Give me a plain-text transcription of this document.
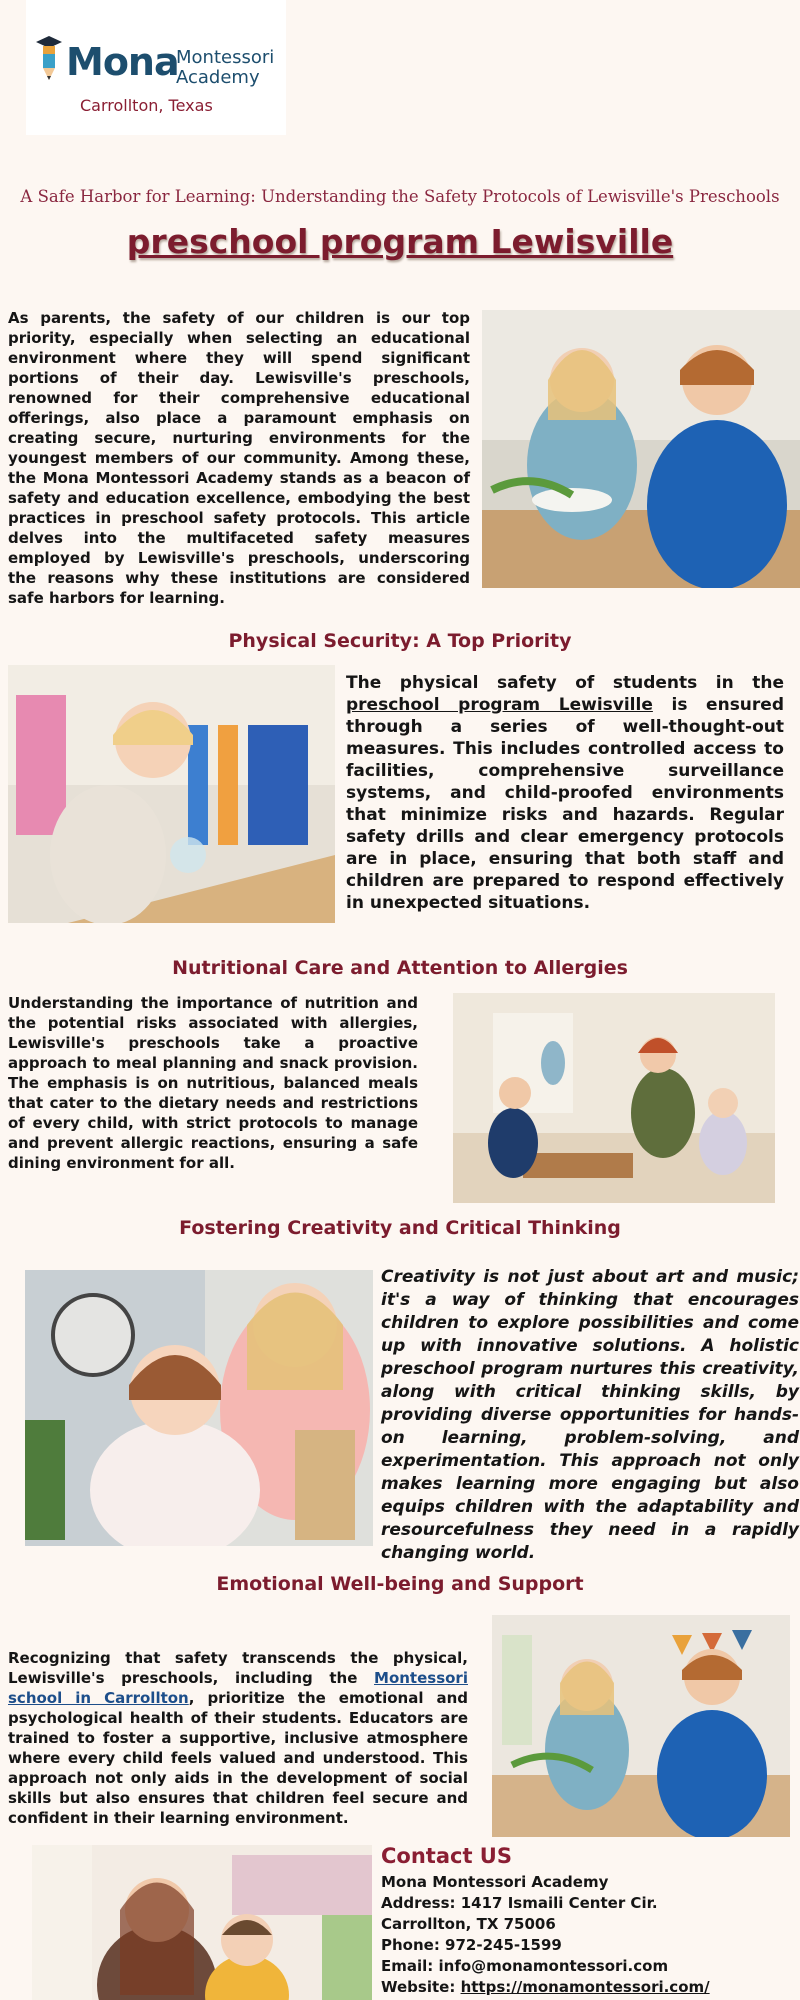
Mona
Montessori
Academy
Carrollton, Texas
A Safe Harbor for Learning: Understanding the Safety Protocols of Lewisville's Preschools
preschool program Lewisville
As parents, the safety of our children is our top priority, especially when selecting an educational environment where they will spend significant portions of their day. Lewisville's preschools, renowned for their comprehensive educational offerings, also place a paramount emphasis on creating secure, nurturing environments for the youngest members of our community. Among these, the Mona Montessori Academy stands as a beacon of safety and education excellence, embodying the best practices in preschool safety protocols. This article delves into the multifaceted safety measures employed by Lewisville's preschools, underscoring the reasons why these institutions are considered safe harbors for learning.
Physical Security: A Top Priority
The physical safety of students in the preschool program Lewisville is ensured through a series of well-thought-out measures. This includes controlled access to facilities, comprehensive surveillance systems, and child-proofed environments that minimize risks and hazards. Regular safety drills and clear emergency protocols are in place, ensuring that both staff and children are prepared to respond effectively in unexpected situations.
Nutritional Care and Attention to Allergies
Understanding the importance of nutrition and the potential risks associated with allergies, Lewisville's preschools take a proactive approach to meal planning and snack provision. The emphasis is on nutritious, balanced meals that cater to the dietary needs and restrictions of every child, with strict protocols to manage and prevent allergic reactions, ensuring a safe dining environment for all.
Fostering Creativity and Critical Thinking
Creativity is not just about art and music; it's a way of thinking that encourages children to explore possibilities and come up with innovative solutions. A holistic preschool program nurtures this creativity, along with critical thinking skills, by providing diverse opportunities for hands-on learning, problem-solving, and experimentation. This approach not only makes learning more engaging but also equips children with the adaptability and resourcefulness they need in a rapidly changing world.
Emotional Well-being and Support
Recognizing that safety transcends the physical, Lewisville's preschools, including the Montessori school in Carrollton, prioritize the emotional and psychological health of their students. Educators are trained to foster a supportive, inclusive atmosphere where every child feels valued and understood. This approach not only aids in the development of social skills but also ensures that children feel secure and confident in their learning environment.
Contact US
Mona Montessori Academy
Address: 1417 Ismaili Center Cir.
Carrollton, TX 75006
Phone: 972-245-1599
Email: info@monamontessori.com
Website: https://monamontessori.com/
